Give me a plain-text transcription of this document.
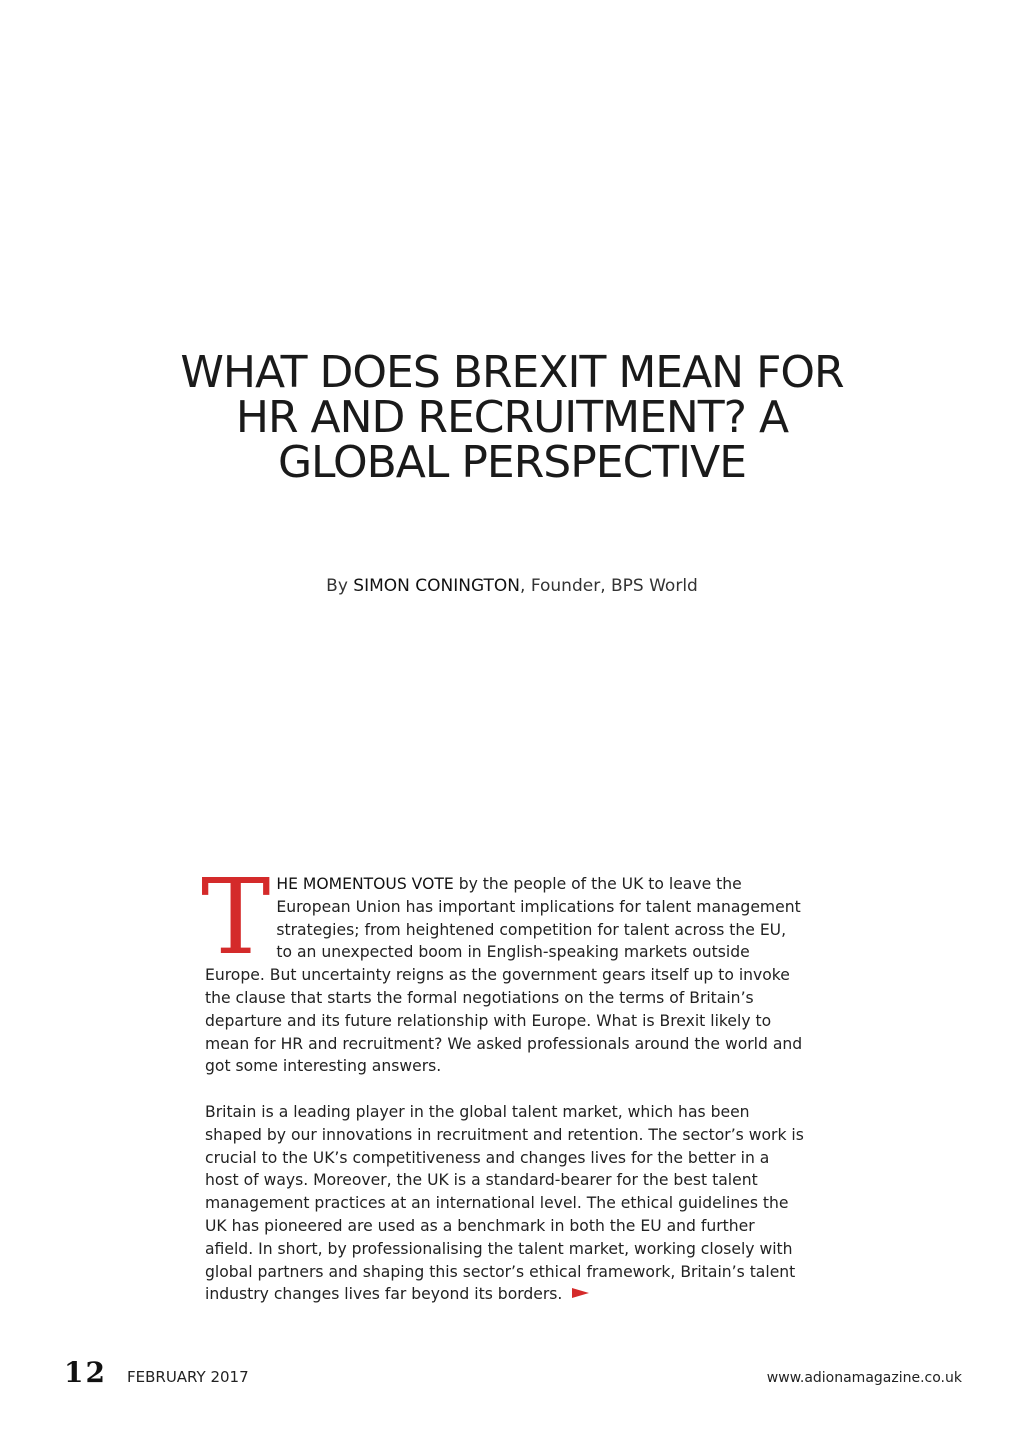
WHAT DOES BREXIT MEAN FOR HR AND RECRUITMENT? A GLOBAL PERSPECTIVE
By SIMON CONINGTON, Founder, BPS World

THE MOMENTOUS VOTE by the people of the UK to leave the European Union has important implications for talent management strategies; from heightened competition for talent across the EU, to an unexpected boom in English-speaking markets outside Europe. But uncertainty reigns as the government gears itself up to invoke the clause that starts the formal negotiations on the terms of Britain’s departure and its future relationship with Europe. What is Brexit likely to mean for HR and recruitment? We asked professionals around the world and got some interesting answers.

Britain is a leading player in the global talent market, which has been shaped by our innovations in recruitment and retention. The sector’s work is crucial to the UK’s competitiveness and changes lives for the better in a host of ways. Moreover, the UK is a standard-bearer for the best talent management practices at an international level. The ethical guidelines the UK has pioneered are used as a benchmark in both the EU and further afield. In short, by professionalising the talent market, working closely with global partners and shaping this sector’s ethical framework, Britain’s talent industry changes lives far beyond its borders.

12 FEBRUARY 2017	www.adionamagazine.co.uk
